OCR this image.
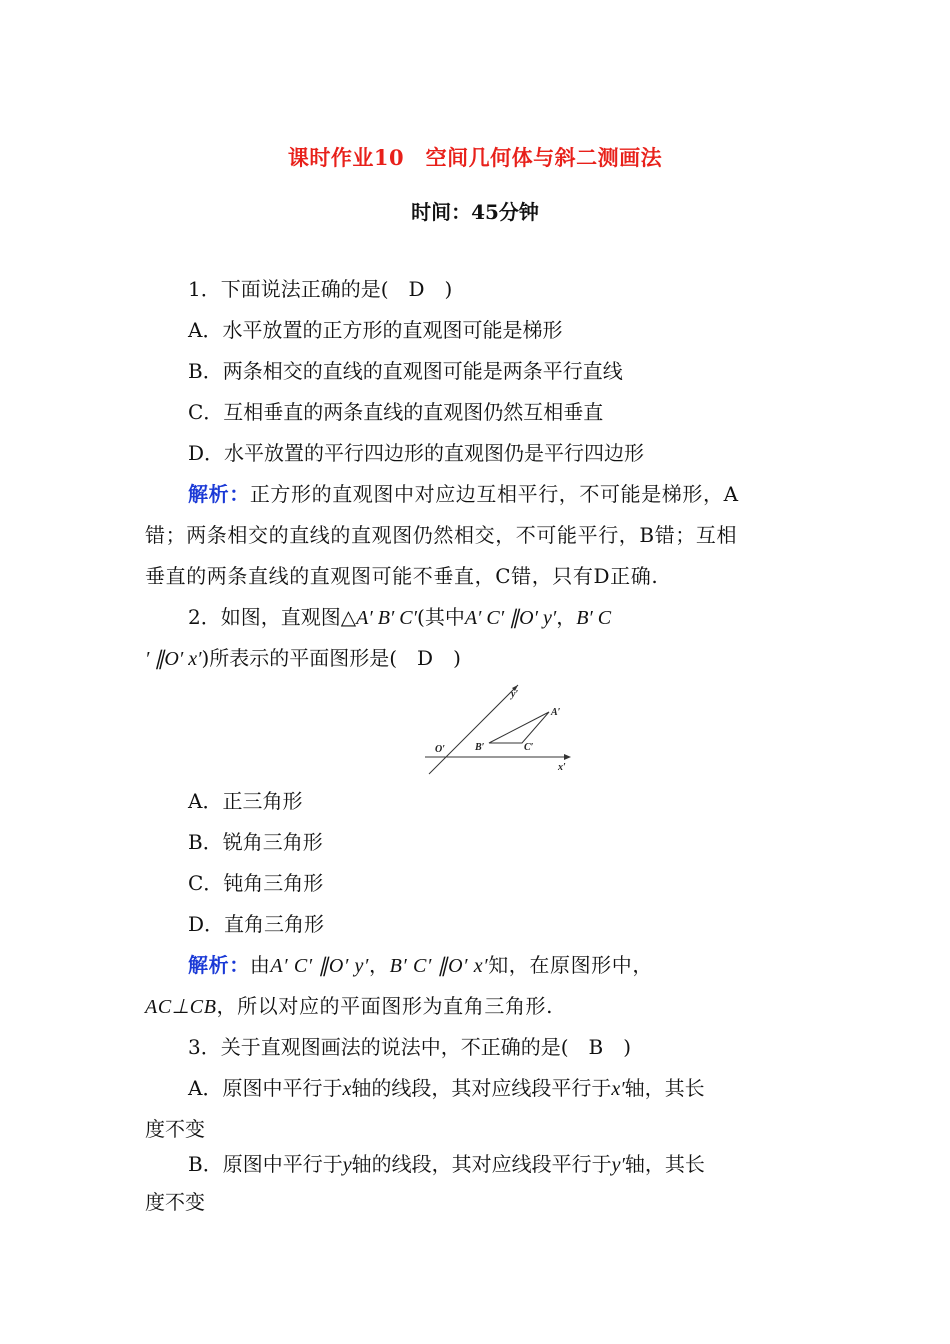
课时作业10　空间几何体与斜二测画法
时间：45分钟
1．下面说法正确的是(　D　)
A．水平放置的正方形的直观图可能是梯形
B．两条相交的直线的直观图可能是两条平行直线
C．互相垂直的两条直线的直观图仍然互相垂直
D．水平放置的平行四边形的直观图仍是平行四边形
解析：正方形的直观图中对应边互相平行，不可能是梯形，A
错；两条相交的直线的直观图仍然相交，不可能平行，B错；互相
垂直的两条直线的直观图可能不垂直，C错，只有D正确.
2．如图，直观图△A′ B′ C′(其中A′ C′ ∥O′ y′，B′ C
′ ∥O′ x′)所表示的平面图形是(　D　)
y′
A′
O′	B′	C′
x′
A．正三角形
B．锐角三角形
C．钝角三角形
D．直角三角形
解析：由A′ C′ ∥O′ y′，B′ C′ ∥O′ x′知，在原图形中，
AC⊥CB，所以对应的平面图形为直角三角形.
3．关于直观图画法的说法中，不正确的是(　B　)
A．原图中平行于x轴的线段，其对应线段平行于x′轴，其长
度不变
B．原图中平行于y轴的线段，其对应线段平行于y′轴，其长
度不变
